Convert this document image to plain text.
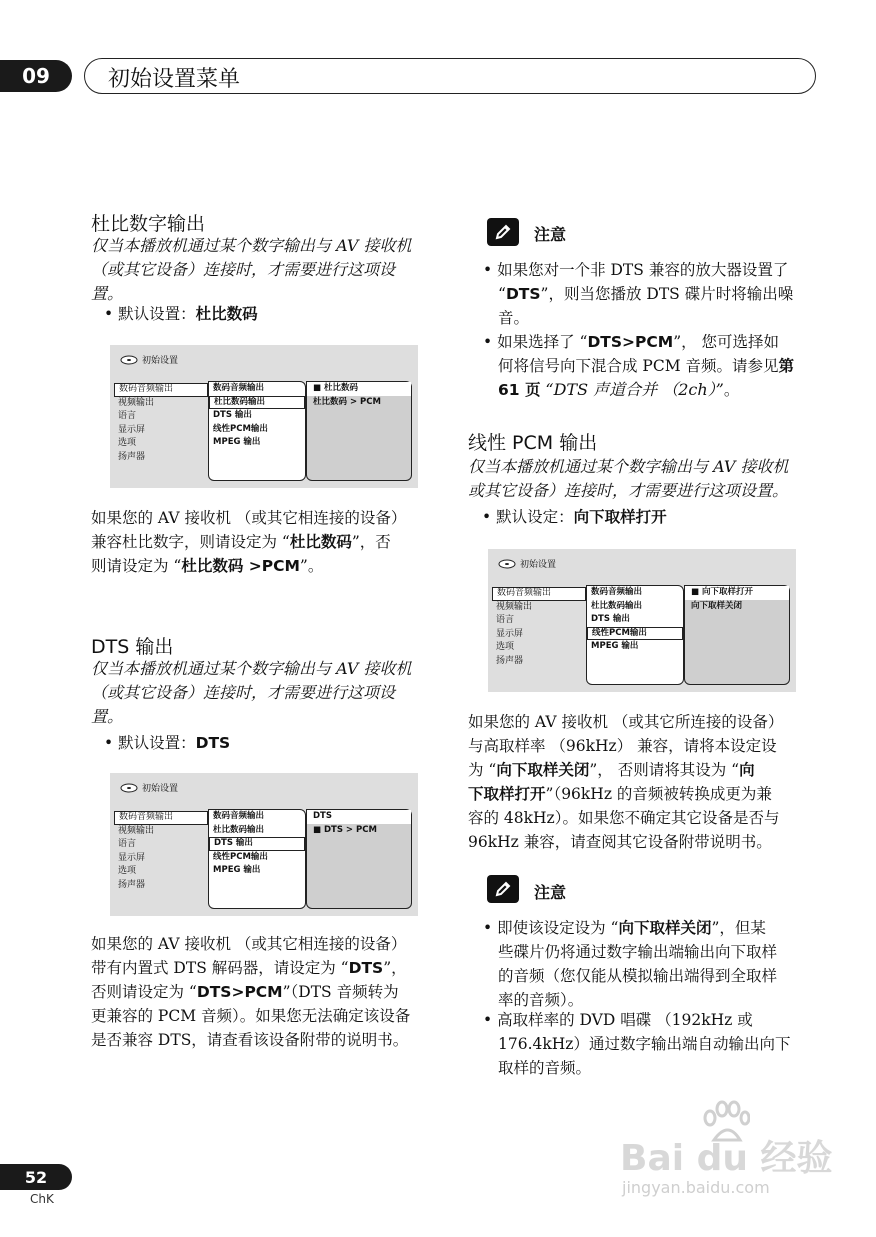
09	初始设置菜单
杜比数字输出
仅当本播放机通过某个数字输出与 AV 接收机
（或其它设备）连接时，才需要进行这项设
置。
• 默认设置：杜比数码
初始设置
数码音频输出
视频输出
语言
显示屏
选项
扬声器
数码音频输出
杜比数码输出
DTS 输出
线性PCM输出
MPEG 输出
■ 杜比数码
杜比数码 > PCM
如果您的 AV 接收机 （或其它相连接的设备）
兼容杜比数字，则请设定为 “杜比数码”，否
则请设定为 “杜比数码 >PCM”。
DTS 输出
仅当本播放机通过某个数字输出与 AV 接收机
（或其它设备）连接时，才需要进行这项设
置。
• 默认设置：DTS
初始设置
数码音频输出
视频输出
语言
显示屏
选项
扬声器
数码音频输出
杜比数码输出
DTS 输出
线性PCM输出
MPEG 输出
DTS
■ DTS > PCM
如果您的 AV 接收机 （或其它相连接的设备）
带有内置式 DTS 解码器，请设定为 “DTS”，
否则请设定为 “DTS>PCM”（DTS 音频转为
更兼容的 PCM 音频）。如果您无法确定该设备
是否兼容 DTS，请查看该设备附带的说明书。
注意
• 如果您对一个非 DTS 兼容的放大器设置了
“DTS”，则当您播放 DTS 碟片时将输出噪
音。
• 如果选择了 “DTS>PCM”， 您可选择如
何将信号向下混合成 PCM 音频。请参见第
61 页 “DTS 声道合并 （2ch）”。
线性 PCM 输出
仅当本播放机通过某个数字输出与 AV 接收机
或其它设备）连接时，才需要进行这项设置。
• 默认设定：向下取样打开
初始设置
数码音频输出
视频输出
语言
显示屏
选项
扬声器
数码音频输出
杜比数码输出
DTS 输出
线性PCM输出
MPEG 输出
■ 向下取样打开
向下取样关闭
如果您的 AV 接收机 （或其它所连接的设备）
与高取样率 （96kHz） 兼容，请将本设定设
为 “向下取样关闭”， 否则请将其设为 “向
下取样打开”（96kHz 的音频被转换成更为兼
容的 48kHz）。如果您不确定其它设备是否与
96kHz 兼容，请查阅其它设备附带说明书。
注意
• 即使该设定设为 “向下取样关闭”，但某
些碟片仍将通过数字输出端输出向下取样
的音频（您仅能从模拟输出端得到全取样
率的音频）。
• 高取样率的 DVD 唱碟 （192kHz 或
176.4kHz）通过数字输出端自动输出向下
取样的音频。
52
ChK
Bai du 经验
jingyan.baidu.com
